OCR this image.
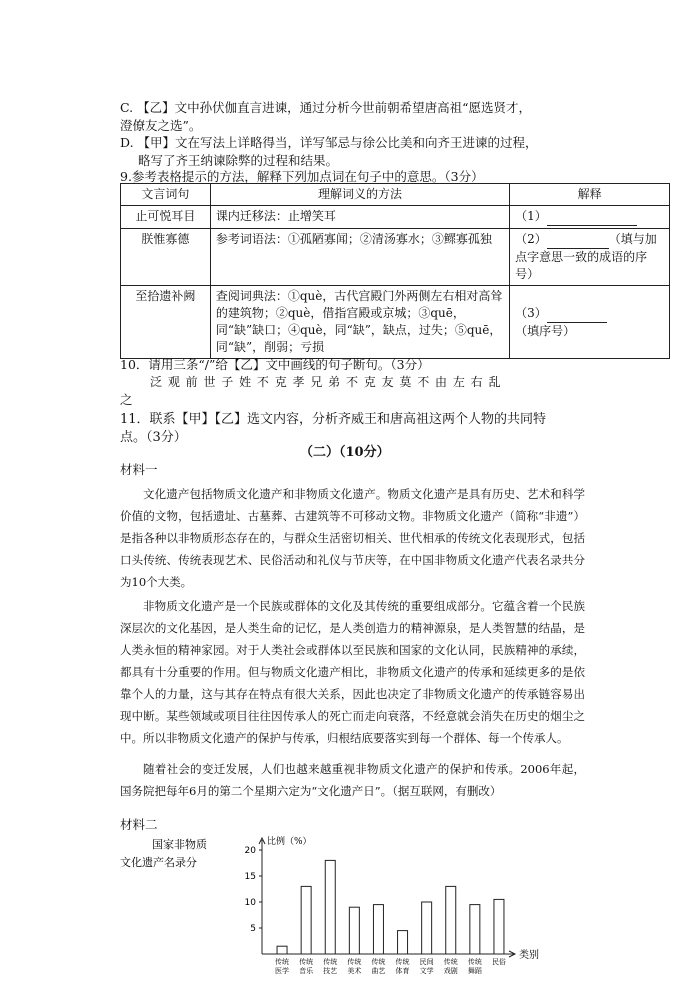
C. 【乙】文中孙伏伽直言进谏，通过分析今世前朝希望唐高祖“愿选贤才，
澄僚友之选”。
D. 【甲】文在写法上详略得当，详写邹忌与徐公比美和向齐王进谏的过程，
略写了齐王纳谏除弊的过程和结果。
9.参考表格提示的方法，解释下列加点词在句子中的意思。（3分）
文言词句	理解词义的方法	解释
止可悦耳目	课内迁移法：止增笑耳	（1）
朕惟寡德	参考词语法：①孤陋寡闻；②清汤寡水；③鳏寡孤独	（2） （填与加点字意思一致的成语的序号）
至拾遗补阙	查阅词典法：①què，古代宫殿门外两侧左右相对高耸的建筑物；②què，借指宫殿或京城；③quē，同“缺”缺口；④què，同“缺”，缺点，过失；⑤quē，同“缺”，削弱；亏损	（3） （填序号）
10．请用三条“/”给【乙】文中画线的句子断句。（3分）
泛 观 前 世 子 姓 不 克 孝 兄 弟 不 克 友 莫 不 由 左 右 乱
之
11．联系【甲】【乙】选文内容，分析齐威王和唐高祖这两个人物的共同特
点。（3分）
（二）（10分）
材料一
文化遗产包括物质文化遗产和非物质文化遗产。物质文化遗产是具有历史、艺术和科学价值的文物，包括遗址、古墓葬、古建筑等不可移动文物。非物质文化遗产（简称“非遗”）是指各种以非物质形态存在的，与群众生活密切相关、世代相承的传统文化表现形式，包括口头传统、传统表现艺术、民俗活动和礼仪与节庆等，在中国非物质文化遗产代表名录共分为10个大类。
非物质文化遗产是一个民族或群体的文化及其传统的重要组成部分。它蕴含着一个民族深层次的文化基因，是人类生命的记忆，是人类创造力的精神源泉，是人类智慧的结晶，是人类永恒的精神家园。对于人类社会或群体以至民族和国家的文化认同，民族精神的承续，都具有十分重要的作用。但与物质文化遗产相比，非物质文化遗产的传承和延续更多的是依靠个人的力量，这与其存在特点有很大关系，因此也决定了非物质文化遗产的传承链容易出现中断。某些领域或项目往往因传承人的死亡而走向衰落，不经意就会消失在历史的烟尘之中。所以非物质文化遗产的保护与传承，归根结底要落实到每一个群体、每一个传承人。
随着社会的变迁发展，人们也越来越重视非物质文化遗产的保护和传承。2006年起，国务院把每年6月的第二个星期六定为“文化遗产日”。（据互联网，有删改）
材料二
国家非物质
文化遗产名录分
比例（%）
类别
5
10
15
20
传统
医学
传统
音乐
传统
技艺
传统
美术
传统
曲艺
传统
体育
民间
文学
传统
戏剧
传统
舞蹈
民俗
